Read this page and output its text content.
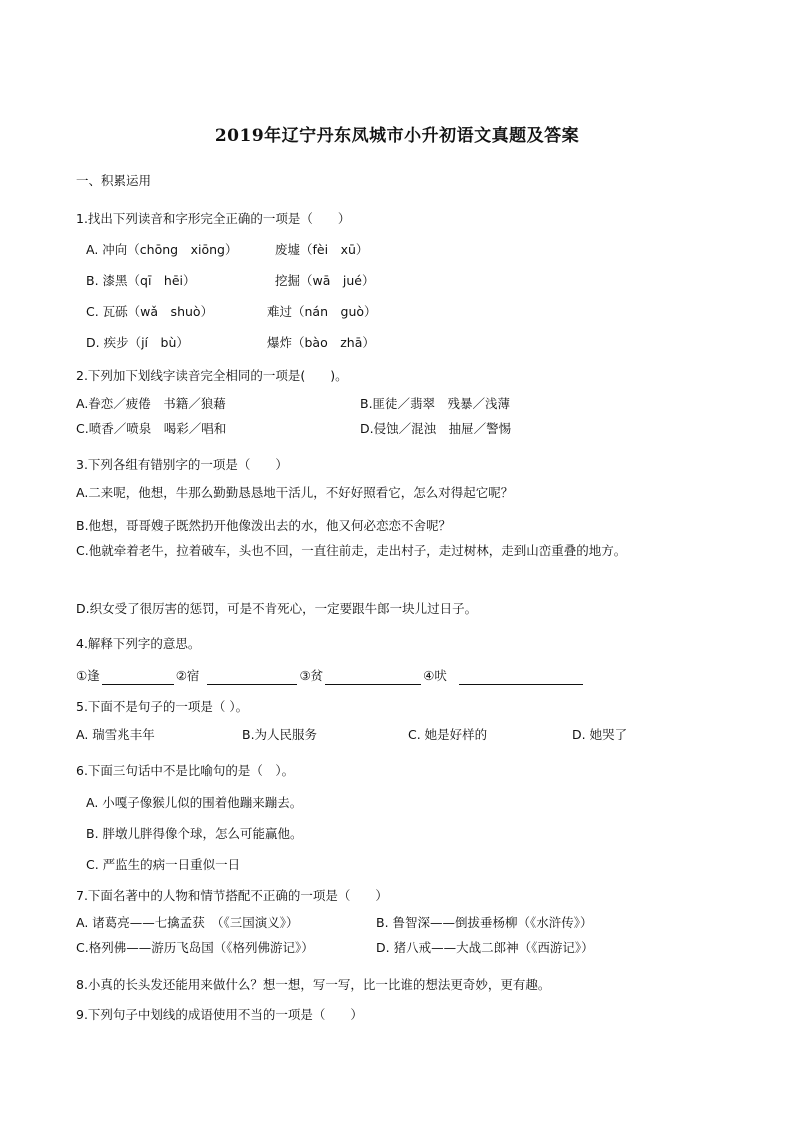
2019年辽宁丹东凤城市小升初语文真题及答案
一、积累运用
1.找出下列读音和字形完全正确的一项是（　　）
A. 冲向（chōng　xiōng）	废墟（fèi　xū）
B. 漆黑（qī　hēi）	挖掘（wā　jué）
C. 瓦砾（wǎ　shuò）	难过（nán　guò）
D. 疾步（jí　bù）	爆炸（bào　zhā）
2.下列加下划线字读音完全相同的一项是(　　)。
A.眷恋／疲倦　书籍／狼藉	B.匪徒／翡翠　残暴／浅薄
C.喷香／喷泉　喝彩／唱和	D.侵蚀／混浊　抽屉／警惕
3.下列各组有错别字的一项是（　　）
A.二来呢，他想，牛那么勤勤恳恳地干活儿，不好好照看它，怎么对得起它呢？
B.他想，哥哥嫂子既然扔开他像泼出去的水，他又何必恋恋不舍呢？
C.他就牵着老牛，拉着破车，头也不回，一直往前走，走出村子，走过树林，走到山峦重叠的地方。
D.织女受了很厉害的惩罚，可是不肯死心，一定要跟牛郎一块儿过日子。
4.解释下列字的意思。
①逢	②宿	③贫	④吠
5.下面不是句子的一项是（ ）。
A. 瑞雪兆丰年	B.为人民服务	C. 她是好样的	D. 她哭了
6.下面三句话中不是比喻句的是（　）。
A. 小嘎子像猴儿似的围着他蹦来蹦去。
B. 胖墩儿胖得像个球，怎么可能赢他。
C. 严监生的病一日重似一日
7.下面名著中的人物和情节搭配不正确的一项是（　　）
A. 诸葛亮——七擒孟获　（《三国演义》）	B. 鲁智深——倒拔垂杨柳（《水浒传》）
C.格列佛——游历飞岛国（《格列佛游记》）	D. 猪八戒——大战二郎神（《西游记》）
8.小真的长头发还能用来做什么？想一想，写一写，比一比谁的想法更奇妙，更有趣。
9.下列句子中划线的成语使用不当的一项是（　　）
